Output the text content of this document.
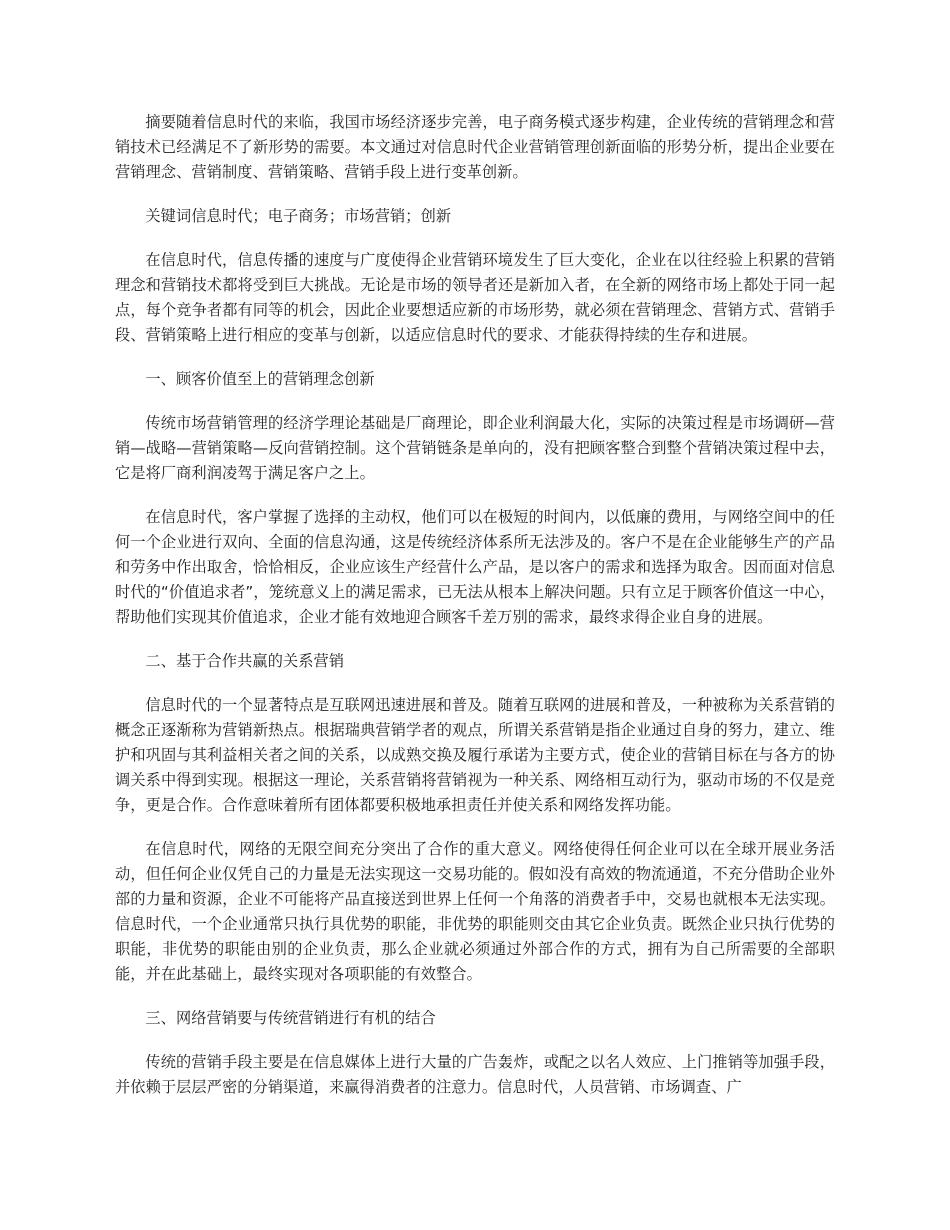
摘要随着信息时代的来临，我国市场经济逐步完善，电子商务模式逐步构建，企业传统的营销理念和营销技术已经满足不了新形势的需要。本文通过对信息时代企业营销管理创新面临的形势分析，提出企业要在营销理念、营销制度、营销策略、营销手段上进行变革创新。

关键词信息时代；电子商务；市场营销；创新

在信息时代，信息传播的速度与广度使得企业营销环境发生了巨大变化，企业在以往经验上积累的营销理念和营销技术都将受到巨大挑战。无论是市场的领导者还是新加入者，在全新的网络市场上都处于同一起点，每个竞争者都有同等的机会，因此企业要想适应新的市场形势，就必须在营销理念、营销方式、营销手段、营销策略上进行相应的变革与创新，以适应信息时代的要求、才能获得持续的生存和进展。

一、顾客价值至上的营销理念创新

传统市场营销管理的经济学理论基础是厂商理论，即企业利润最大化，实际的决策过程是市场调研—营销—战略—营销策略—反向营销控制。这个营销链条是单向的，没有把顾客整合到整个营销决策过程中去，它是将厂商利润凌驾于满足客户之上。

在信息时代，客户掌握了选择的主动权，他们可以在极短的时间内，以低廉的费用，与网络空间中的任何一个企业进行双向、全面的信息沟通，这是传统经济体系所无法涉及的。客户不是在企业能够生产的产品和劳务中作出取舍，恰恰相反，企业应该生产经营什么产品，是以客户的需求和选择为取舍。因而面对信息时代的“价值追求者”，笼统意义上的满足需求，已无法从根本上解决问题。只有立足于顾客价值这一中心，帮助他们实现其价值追求，企业才能有效地迎合顾客千差万别的需求，最终求得企业自身的进展。

二、基于合作共赢的关系营销

信息时代的一个显著特点是互联网迅速进展和普及。随着互联网的进展和普及，一种被称为关系营销的概念正逐渐称为营销新热点。根据瑞典营销学者的观点，所谓关系营销是指企业通过自身的努力，建立、维护和巩固与其利益相关者之间的关系，以成熟交换及履行承诺为主要方式，使企业的营销目标在与各方的协调关系中得到实现。根据这一理论，关系营销将营销视为一种关系、网络相互动行为，驱动市场的不仅是竞争，更是合作。合作意味着所有团体都要积极地承担责任并使关系和网络发挥功能。

在信息时代，网络的无限空间充分突出了合作的重大意义。网络使得任何企业可以在全球开展业务活动，但任何企业仅凭自己的力量是无法实现这一交易功能的。假如没有高效的物流通道，不充分借助企业外部的力量和资源，企业不可能将产品直接送到世界上任何一个角落的消费者手中，交易也就根本无法实现。信息时代，一个企业通常只执行具优势的职能，非优势的职能则交由其它企业负责。既然企业只执行优势的职能，非优势的职能由别的企业负责，那么企业就必须通过外部合作的方式，拥有为自己所需要的全部职能，并在此基础上，最终实现对各项职能的有效整合。

三、网络营销要与传统营销进行有机的结合

传统的营销手段主要是在信息媒体上进行大量的广告轰炸，或配之以名人效应、上门推销等加强手段，并依赖于层层严密的分销渠道，来赢得消费者的注意力。信息时代，人员营销、市场调查、广
